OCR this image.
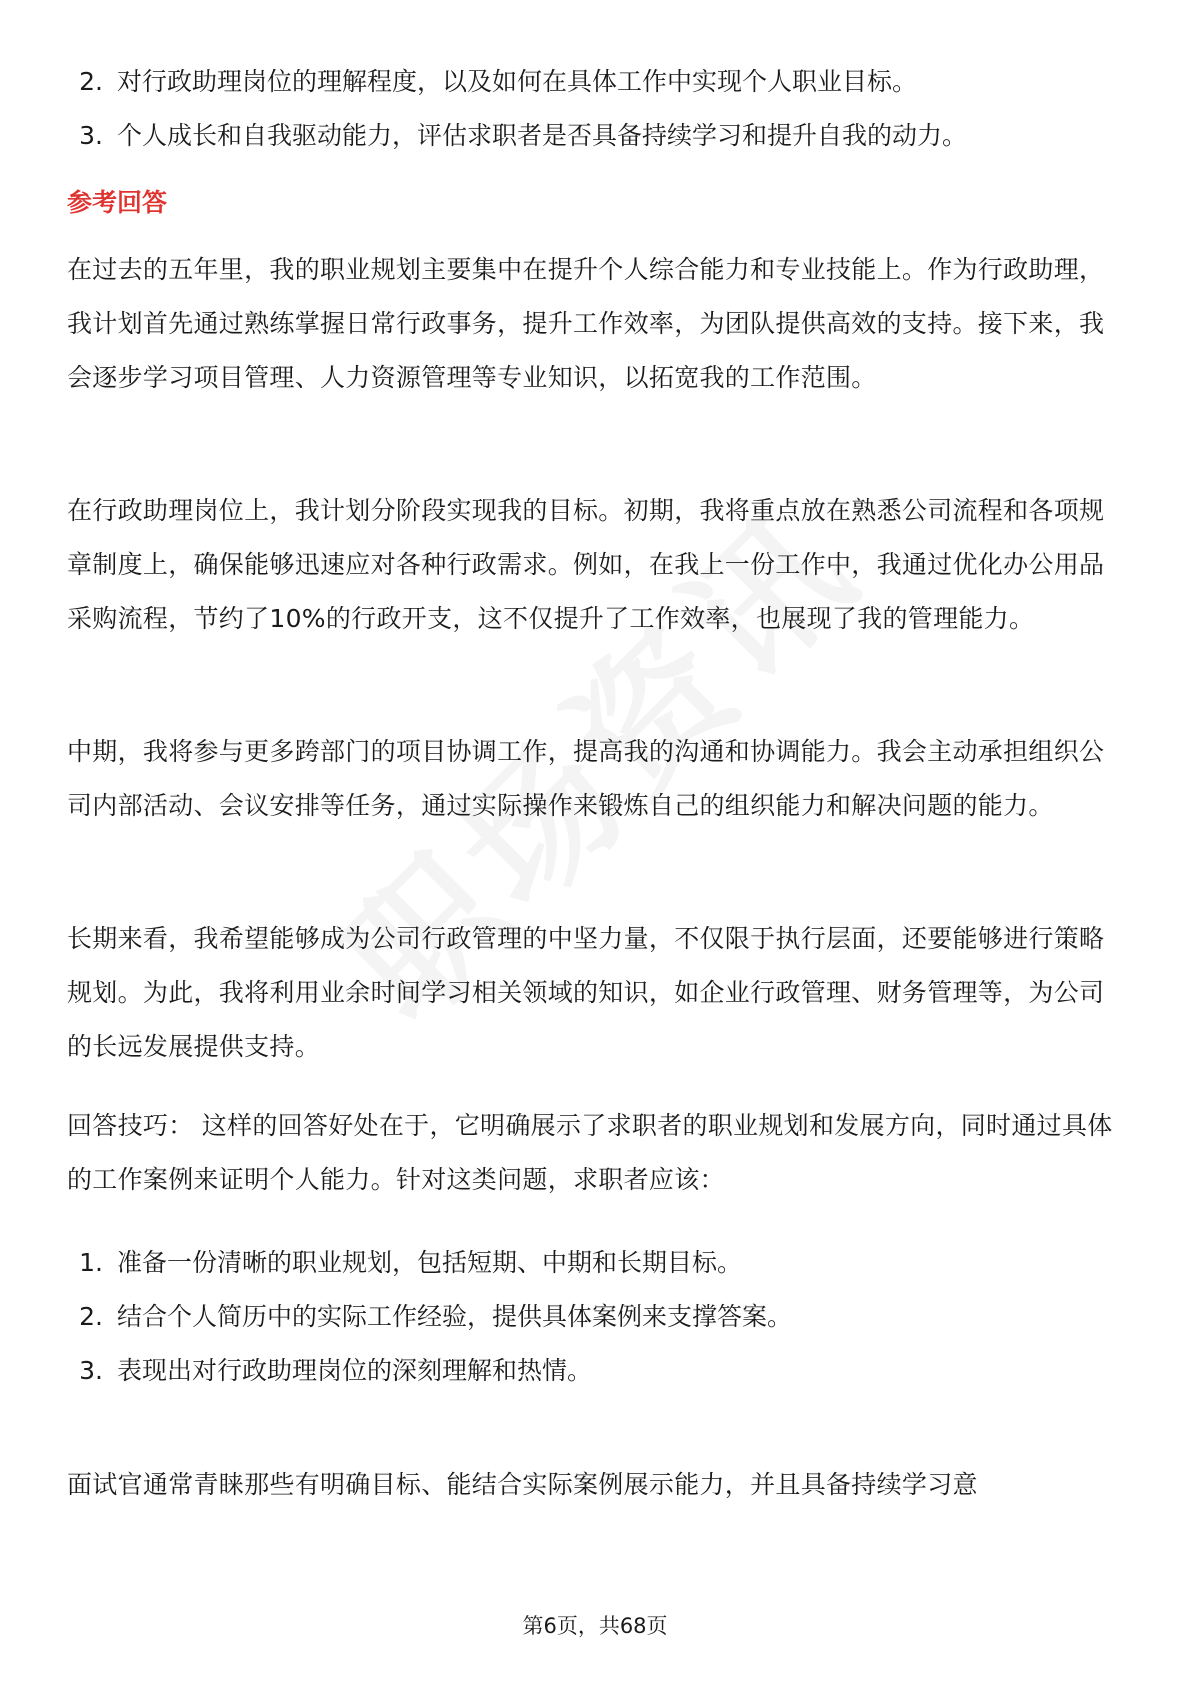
2. 对行政助理岗位的理解程度，以及如何在具体工作中实现个人职业目标。
3. 个人成长和自我驱动能力，评估求职者是否具备持续学习和提升自我的动力。
参考回答

在过去的五年里，我的职业规划主要集中在提升个人综合能力和专业技能上。作为行政助理，我计划首先通过熟练掌握日常行政事务，提升工作效率，为团队提供高效的支持。接下来，我会逐步学习项目管理、人力资源管理等专业知识，以拓宽我的工作范围。

在行政助理岗位上，我计划分阶段实现我的目标。初期，我将重点放在熟悉公司流程和各项规章制度上，确保能够迅速应对各种行政需求。例如，在我上一份工作中，我通过优化办公用品采购流程，节约了10%的行政开支，这不仅提升了工作效率，也展现了我的管理能力。

中期，我将参与更多跨部门的项目协调工作，提高我的沟通和协调能力。我会主动承担组织公司内部活动、会议安排等任务，通过实际操作来锻炼自己的组织能力和解决问题的能力。

长期来看，我希望能够成为公司行政管理的中坚力量，不仅限于执行层面，还要能够进行策略规划。为此，我将利用业余时间学习相关领域的知识，如企业行政管理、财务管理等，为公司的长远发展提供支持。

回答技巧： 这样的回答好处在于，它明确展示了求职者的职业规划和发展方向，同时通过具体的工作案例来证明个人能力。针对这类问题，求职者应该：

1. 准备一份清晰的职业规划，包括短期、中期和长期目标。
2. 结合个人简历中的实际工作经验，提供具体案例来支撑答案。
3. 表现出对行政助理岗位的深刻理解和热情。

面试官通常青睐那些有明确目标、能结合实际案例展示能力，并且具备持续学习意

第6页，共68页
